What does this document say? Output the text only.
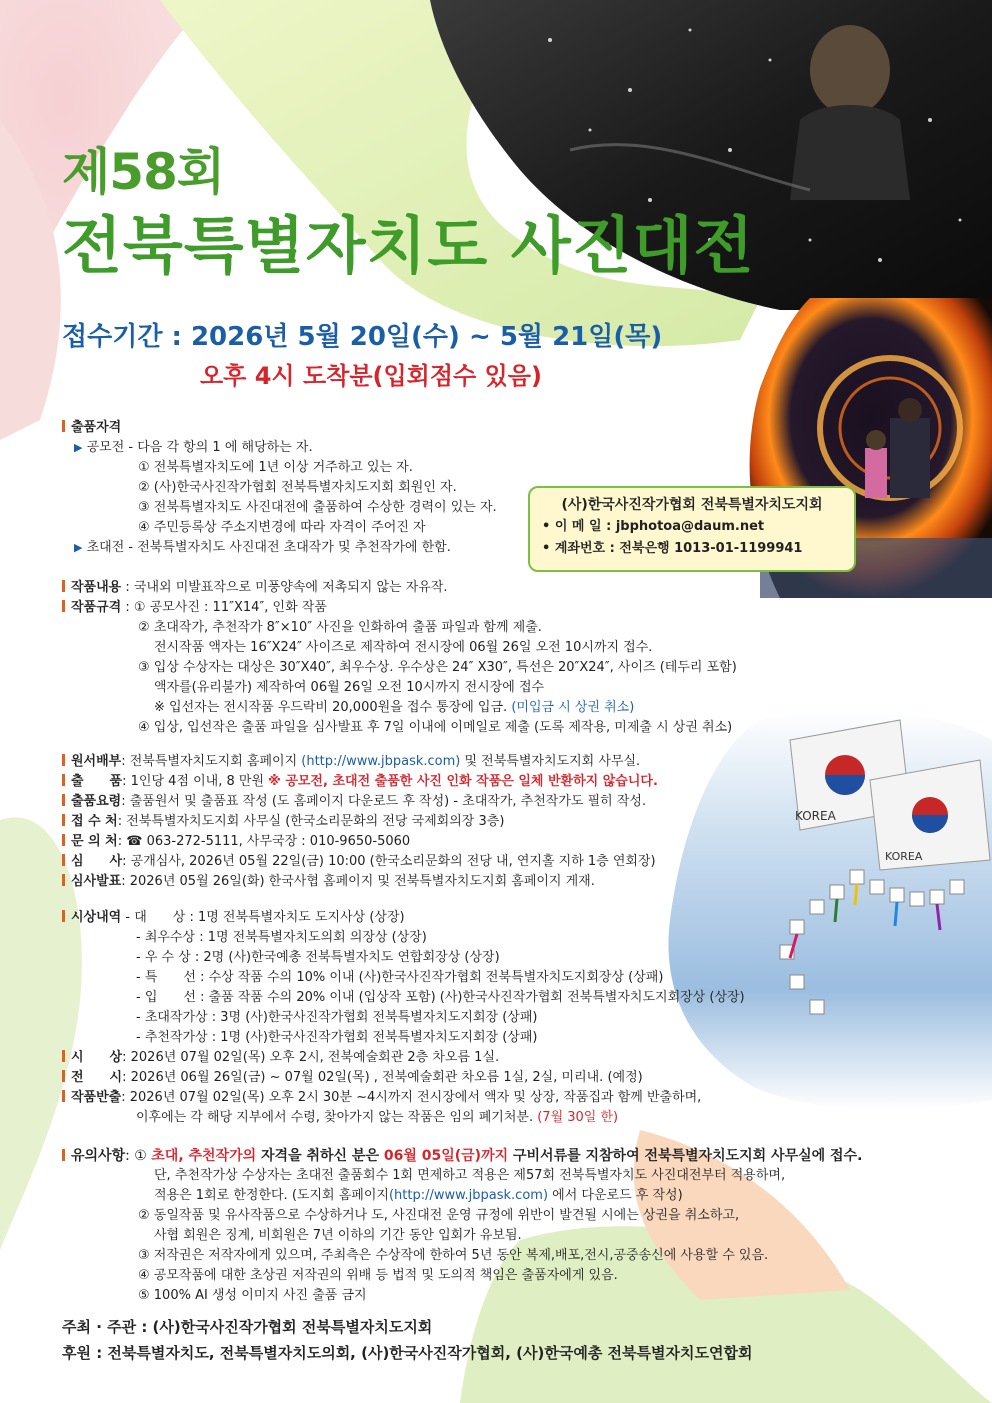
KOREA
KOREA
제58회
전북특별자치도 사진대전
접수기간 : 2026년 5월 20일(수) ~ 5월 21일(목)
오후 4시 도착분(입회점수 있음)
출품자격
▶ 공모전 - 다음 각 항의 1 에 해당하는 자.
① 전북특별자치도에 1년 이상 거주하고 있는 자.
② (사)한국사진작가협회 전북특별자치도지회 회원인 자.
③ 전북특별자치도 사진대전에 출품하여 수상한 경력이 있는 자.
④ 주민등록상 주소지변경에 따라 자격이 주어진 자
▶ 초대전 - 전북특별자치도 사진대전 초대작가 및 추천작가에 한함.
(사)한국사진작가협회 전북특별자치도지회
• 이 메 일 : jbphotoa@daum.net
• 계좌번호 : 전북은행 1013-01-1199941
작품내용 : 국내외 미발표작으로 미풍양속에 저촉되지 않는 자유작.
작품규격 : ① 공모사진 : 11″X14″, 인화 작품
② 초대작가, 추천작가 8″×10″ 사진을 인화하여 출품 파일과 함께 제출.
전시작품 액자는 16″X24″ 사이즈로 제작하여 전시장에 06월 26일 오전 10시까지 접수.
③ 입상 수상자는 대상은 30″X40″, 최우수상. 우수상은 24″ X30″, 특선은 20″X24″, 사이즈 (테두리 포함)
액자를(유리불가) 제작하여 06월 26일 오전 10시까지 전시장에 접수
※ 입선자는 전시작품 우드락비 20,000원을 접수 통장에 입금. (미입금 시 상권 취소)
④ 입상, 입선작은 출품 파일을 심사발표 후 7일 이내에 이메일로 제출 (도록 제작용, 미제출 시 상권 취소)
원서배부: 전북특별자치도지회 홈페이지 (http://www.jbpask.com) 및 전북특별자치도지회 사무실.
출　　품: 1인당 4점 이내, 8 만원 ※ 공모전, 초대전 출품한 사진 인화 작품은 일체 반환하지 않습니다.
출품요령: 출품원서 및 출품표 작성 (도 홈페이지 다운로드 후 작성) - 초대작가, 추천작가도 필히 작성.
접 수 처: 전북특별자치도지회 사무실 (한국소리문화의 전당 국제회의장 3층)
문 의 처: ☎ 063-272-5111, 사무국장 : 010-9650-5060
심　　사: 공개심사, 2026년 05월 22일(금) 10:00 (한국소리문화의 전당 내, 연지홀 지하 1층 연회장)
심사발표: 2026년 05월 26일(화) 한국사협 홈페이지 및 전북특별자치도지회 홈페이지 게재.
시상내역 - 대　　상 : 1명 전북특별자치도 도지사상 (상장)
- 최우수상 : 1명 전북특별자치도의회 의장상 (상장)
- 우 수 상 : 2명 (사)한국예총 전북특별자치도 연합회장상 (상장)
- 특　　선 : 수상 작품 수의 10% 이내 (사)한국사진작가협회 전북특별자치도지회장상 (상패)
- 입　　선 : 출품 작품 수의 20% 이내 (입상작 포함) (사)한국사진작가협회 전북특별자치도지회장상 (상장)
- 초대작가상 : 3명 (사)한국사진작가협회 전북특별자치도지회장 (상패)
- 추천작가상 : 1명 (사)한국사진작가협회 전북특별자치도지회장 (상패)
시　　상: 2026년 07월 02일(목) 오후 2시, 전북예술회관 2층 차오름 1실.
전　　시: 2026년 06월 26일(금) ~ 07월 02일(목) , 전북예술회관 차오름 1실, 2실, 미리내. (예정)
작품반출: 2026년 07월 02일(목) 오후 2시 30분 ~4시까지 전시장에서 액자 및 상장, 작품집과 함께 반출하며,
이후에는 각 해당 지부에서 수령, 찾아가지 않는 작품은 임의 폐기처분. (7월 30일 한)
유의사항: ① 초대, 추천작가의 자격을 취하신 분은 06월 05일(금)까지 구비서류를 지참하여 전북특별자치도지회 사무실에 접수.
단, 추천작가상 수상자는 초대전 출품회수 1회 면제하고 적용은 제57회 전북특별자치도 사진대전부터 적용하며,
적용은 1회로 한정한다. (도지회 홈페이지(http://www.jbpask.com) 에서 다운로드 후 작성)
② 동일작품 및 유사작품으로 수상하거나 도, 사진대전 운영 규정에 위반이 발견될 시에는 상권을 취소하고,
사협 회원은 징계, 비회원은 7년 이하의 기간 동안 입회가 유보됨.
③ 저작권은 저작자에게 있으며, 주최측은 수상작에 한하여 5년 동안 복제,배포,전시,공중송신에 사용할 수 있음.
④ 공모작품에 대한 초상권 저작권의 위배 등 법적 및 도의적 책임은 출품자에게 있음.
⑤ 100% AI 생성 이미지 사진 출품 금지
주최 · 주관 : (사)한국사진작가협회 전북특별자치도지회
후원 : 전북특별자치도, 전북특별자치도의회, (사)한국사진작가협회, (사)한국예총 전북특별자치도연합회
